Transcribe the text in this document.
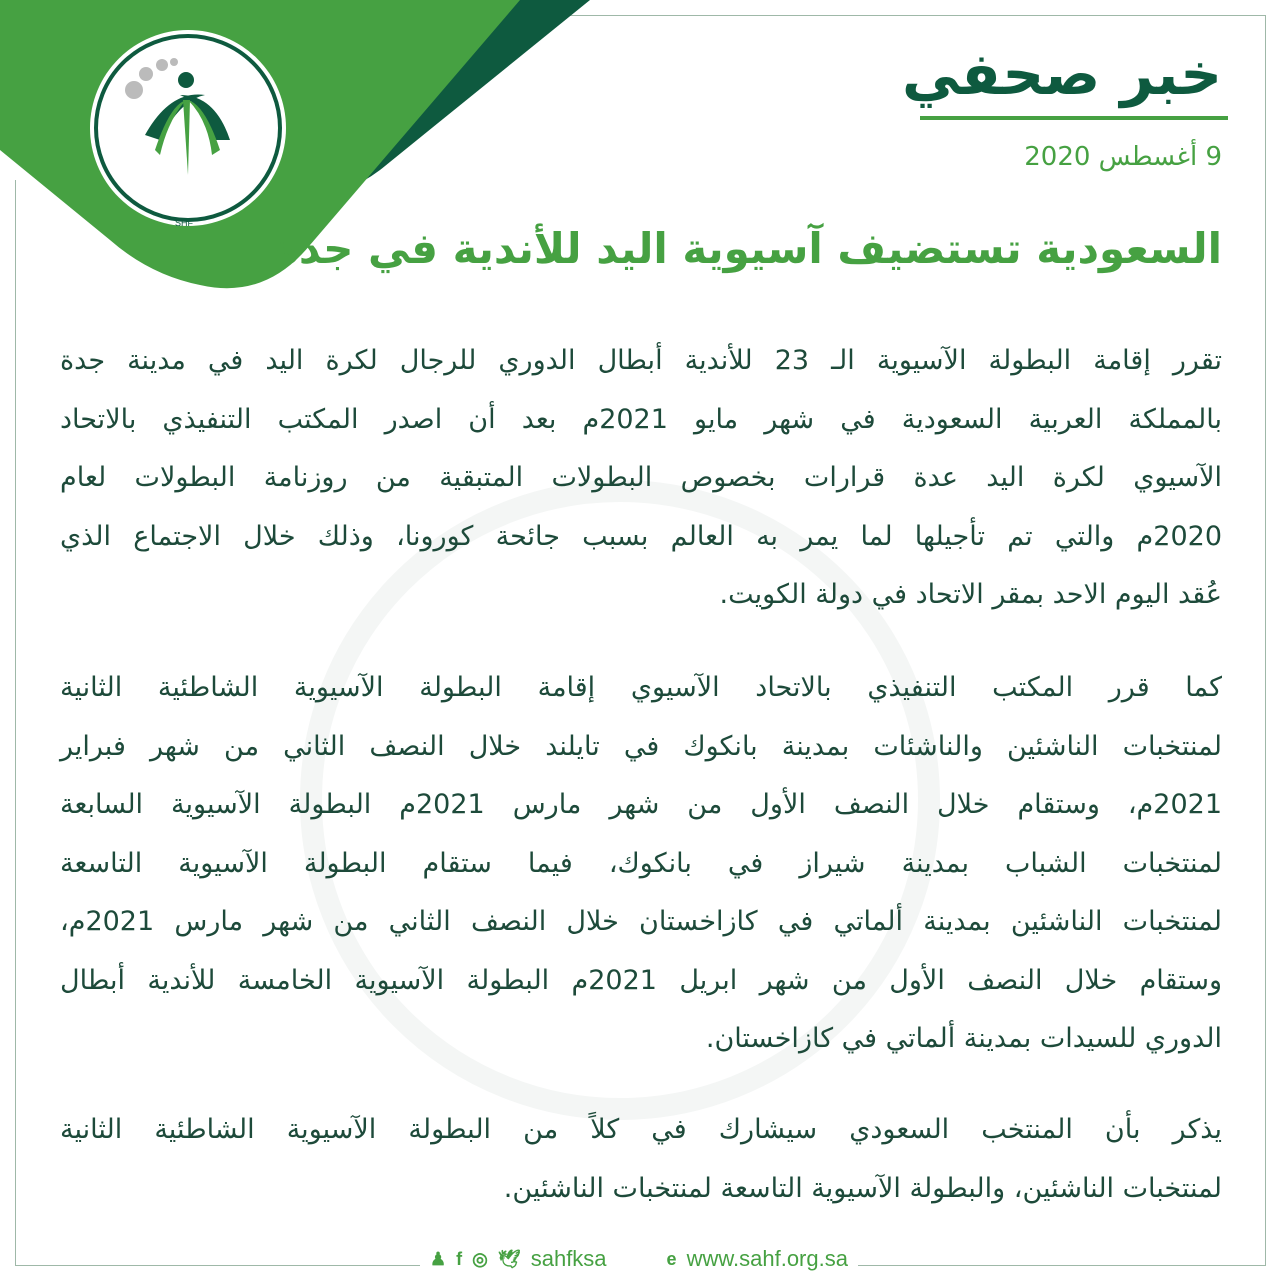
SHF
خبر صحفي
9 أغسطس 2020
السعودية تستضيف آسيوية اليد للأندية في جدة
تقرر إقامة البطولة الآسيوية الـ 23 للأندية أبطال الدوري للرجال لكرة اليد في مدينة جدة
بالمملكة العربية السعودية في شهر مايو 2021م بعد أن اصدر المكتب التنفيذي بالاتحاد
الآسيوي لكرة اليد عدة قرارات بخصوص البطولات المتبقية من روزنامة البطولات لعام
2020م والتي تم تأجيلها لما يمر به العالم بسبب جائحة كورونا، وذلك خلال الاجتماع الذي
عُقد اليوم الاحد بمقر الاتحاد في دولة الكويت.
كما قرر المكتب التنفيذي بالاتحاد الآسيوي إقامة البطولة الآسيوية الشاطئية الثانية
لمنتخبات الناشئين والناشئات بمدينة بانكوك في تايلند خلال النصف الثاني من شهر فبراير
2021م، وستقام خلال النصف الأول من شهر مارس 2021م البطولة الآسيوية السابعة
لمنتخبات الشباب بمدينة شيراز في بانكوك، فيما ستقام البطولة الآسيوية التاسعة
لمنتخبات الناشئين بمدينة ألماتي في كازاخستان خلال النصف الثاني من شهر مارس 2021م،
وستقام خلال النصف الأول من شهر ابريل 2021م البطولة الآسيوية الخامسة للأندية أبطال
الدوري للسيدات بمدينة ألماتي في كازاخستان.
يذكر بأن المنتخب السعودي سيشارك في كلاً من البطولة الآسيوية الشاطئية الثانية
لمنتخبات الناشئين، والبطولة الآسيوية التاسعة لمنتخبات الناشئين.
♟ f ◎ 🕊 sahfksa	e www.sahf.org.sa
